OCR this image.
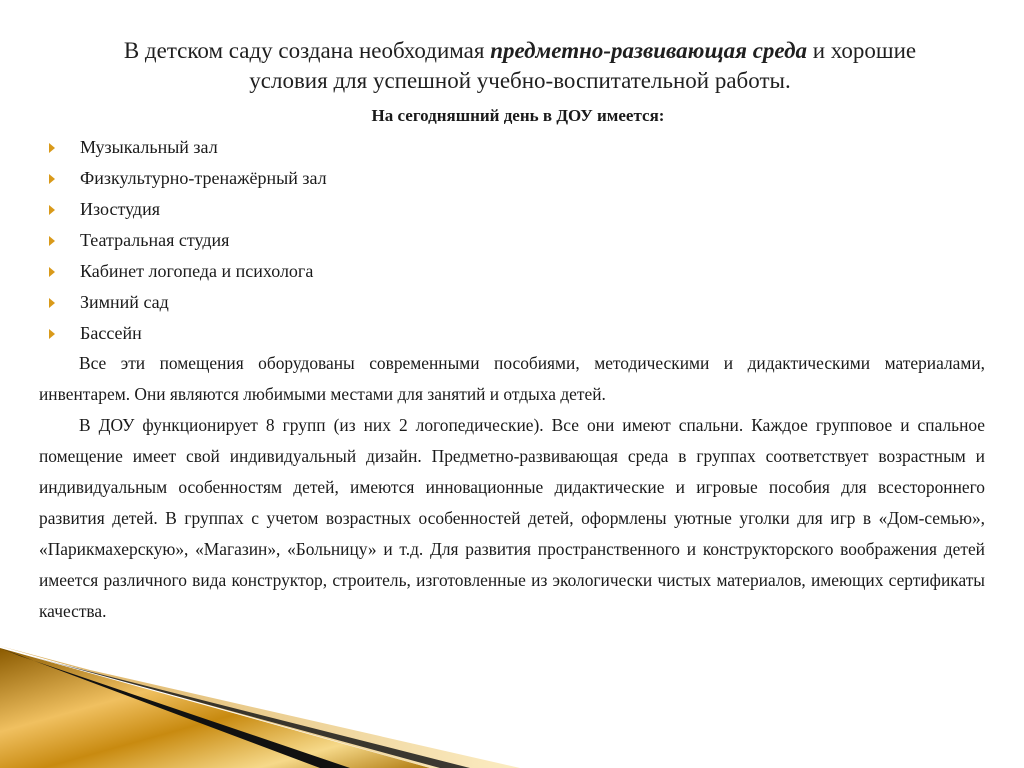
В детском саду создана необходимая предметно-развивающая среда и хорошие
условия для успешной учебно-воспитательной работы.
На сегодняшний день в ДОУ имеется:
Музыкальный зал
Физкультурно-тренажёрный зал
Изостудия
Театральная студия
Кабинет логопеда и психолога
Зимний сад
Бассейн

Все эти помещения оборудованы современными пособиями, методическими и дидактическими материалами, инвентарем. Они являются любимыми местами для занятий и отдыха детей.

В ДОУ функционирует 8 групп (из них 2 логопедические). Все они имеют спальни. Каждое групповое и спальное помещение имеет свой индивидуальный дизайн. Предметно-развивающая среда в группах соответствует возрастным и индивидуальным особенностям детей, имеются инновационные дидактические и игровые пособия для всестороннего развития детей. В группах с учетом возрастных особенностей детей, оформлены уютные уголки для игр в «Дом-семью», «Парикмахерскую», «Магазин», «Больницу» и т.д. Для развития пространственного и конструкторского воображения детей имеется различного вида конструктор, строитель, изготовленные из экологически чистых материалов, имеющих сертификаты качества.
